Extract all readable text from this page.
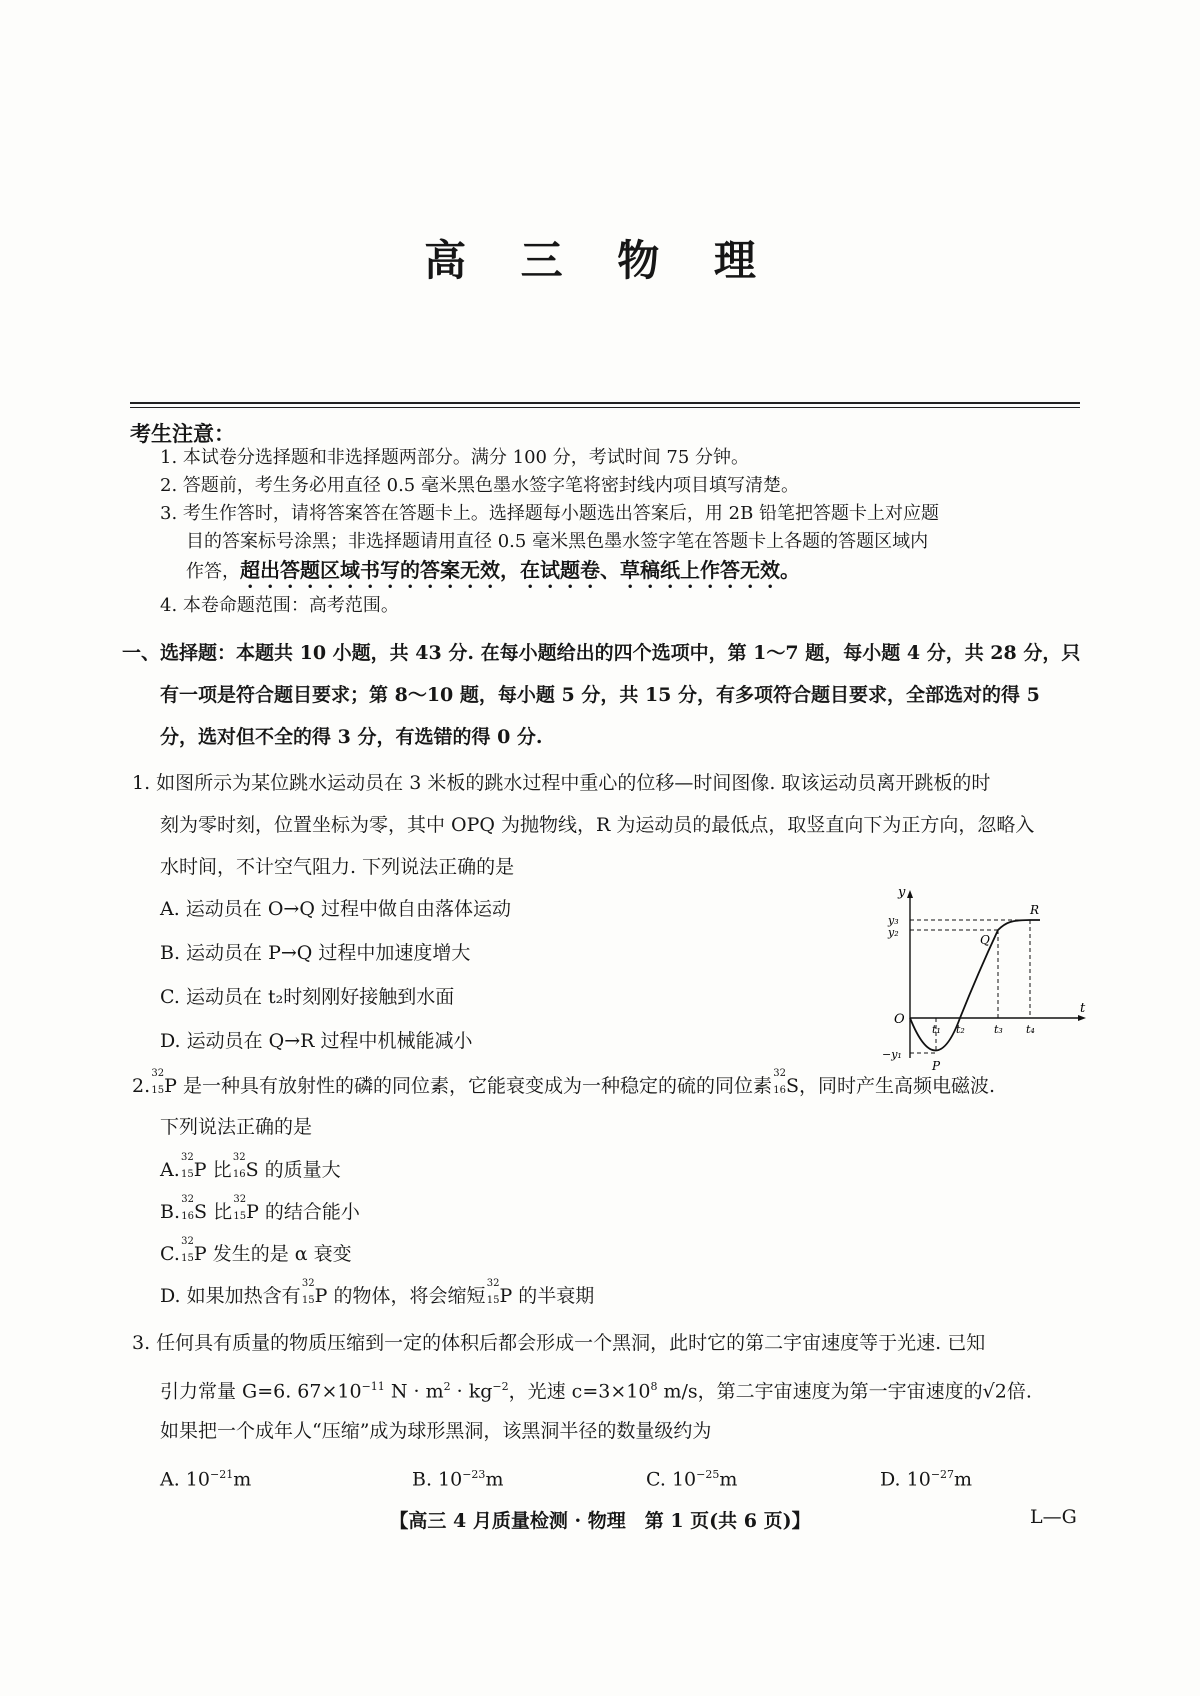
高 三 物 理
考生注意：
1. 本试卷分选择题和非选择题两部分。满分 100 分，考试时间 75 分钟。
2. 答题前，考生务必用直径 0.5 毫米黑色墨水签字笔将密封线内项目填写清楚。
3. 考生作答时，请将答案答在答题卡上。选择题每小题选出答案后，用 2B 铅笔把答题卡上对应题
目的答案标号涂黑；非选择题请用直径 0.5 毫米黑色墨水签字笔在答题卡上各题的答题区域内
作答，超出答题区域书写的答案无效，在试题卷、草稿纸上作答无效。
4. 本卷命题范围：高考范围。
一、选择题：本题共 10 小题，共 43 分. 在每小题给出的四个选项中，第 1～7 题，每小题 4 分，共 28 分，只
有一项是符合题目要求；第 8～10 题，每小题 5 分，共 15 分，有多项符合题目要求，全部选对的得 5
分，选对但不全的得 3 分，有选错的得 0 分.
1. 如图所示为某位跳水运动员在 3 米板的跳水过程中重心的位移—时间图像. 取该运动员离开跳板的时
刻为零时刻，位置坐标为零，其中 OPQ 为抛物线，R 为运动员的最低点，取竖直向下为正方向，忽略入
水时间，不计空气阻力. 下列说法正确的是
A. 运动员在 O→Q 过程中做自由落体运动
B. 运动员在 P→Q 过程中加速度增大
C. 运动员在 t₂时刻刚好接触到水面
D. 运动员在 Q→R 过程中机械能减小
y
t
O
y₃
y₂
−y₁
t₁ t₂	t₃ t₄
P
Q
R
2.
32
15 P 是一种具有放射性的磷的同位素，它能衰变成为一种稳定的硫的同位素
32
16 S，同时产生高频电磁波.
下列说法正确的是
A.
32
15 P 比
32
16 S 的质量大
B.
32
16 S 比
32
15 P 的结合能小
C.
32
15 P 发生的是 α 衰变
D. 如果加热含有
32
15 P 的物体，将会缩短
32
15 P 的半衰期
3. 任何具有质量的物质压缩到一定的体积后都会形成一个黑洞，此时它的第二宇宙速度等于光速. 已知
引力常量 G=6. $67\times 10^{-11}$ $N \cdot m^2 \cdot kg^{-2}$，光速 $c=3\times 10^8$ m/s，第二宇宙速度为第一宇宙速度的√2倍.
如果把一个成年人“压缩”成为球形黑洞，该黑洞半径的数量级约为
A. $10^{-21}m$	B. $10^{-23}m$	C. $10^{-25}m$	D. $10^{-27}m$
【高三 4 月质量检测 · 物理　第 1 页(共 6 页)】	L—G
